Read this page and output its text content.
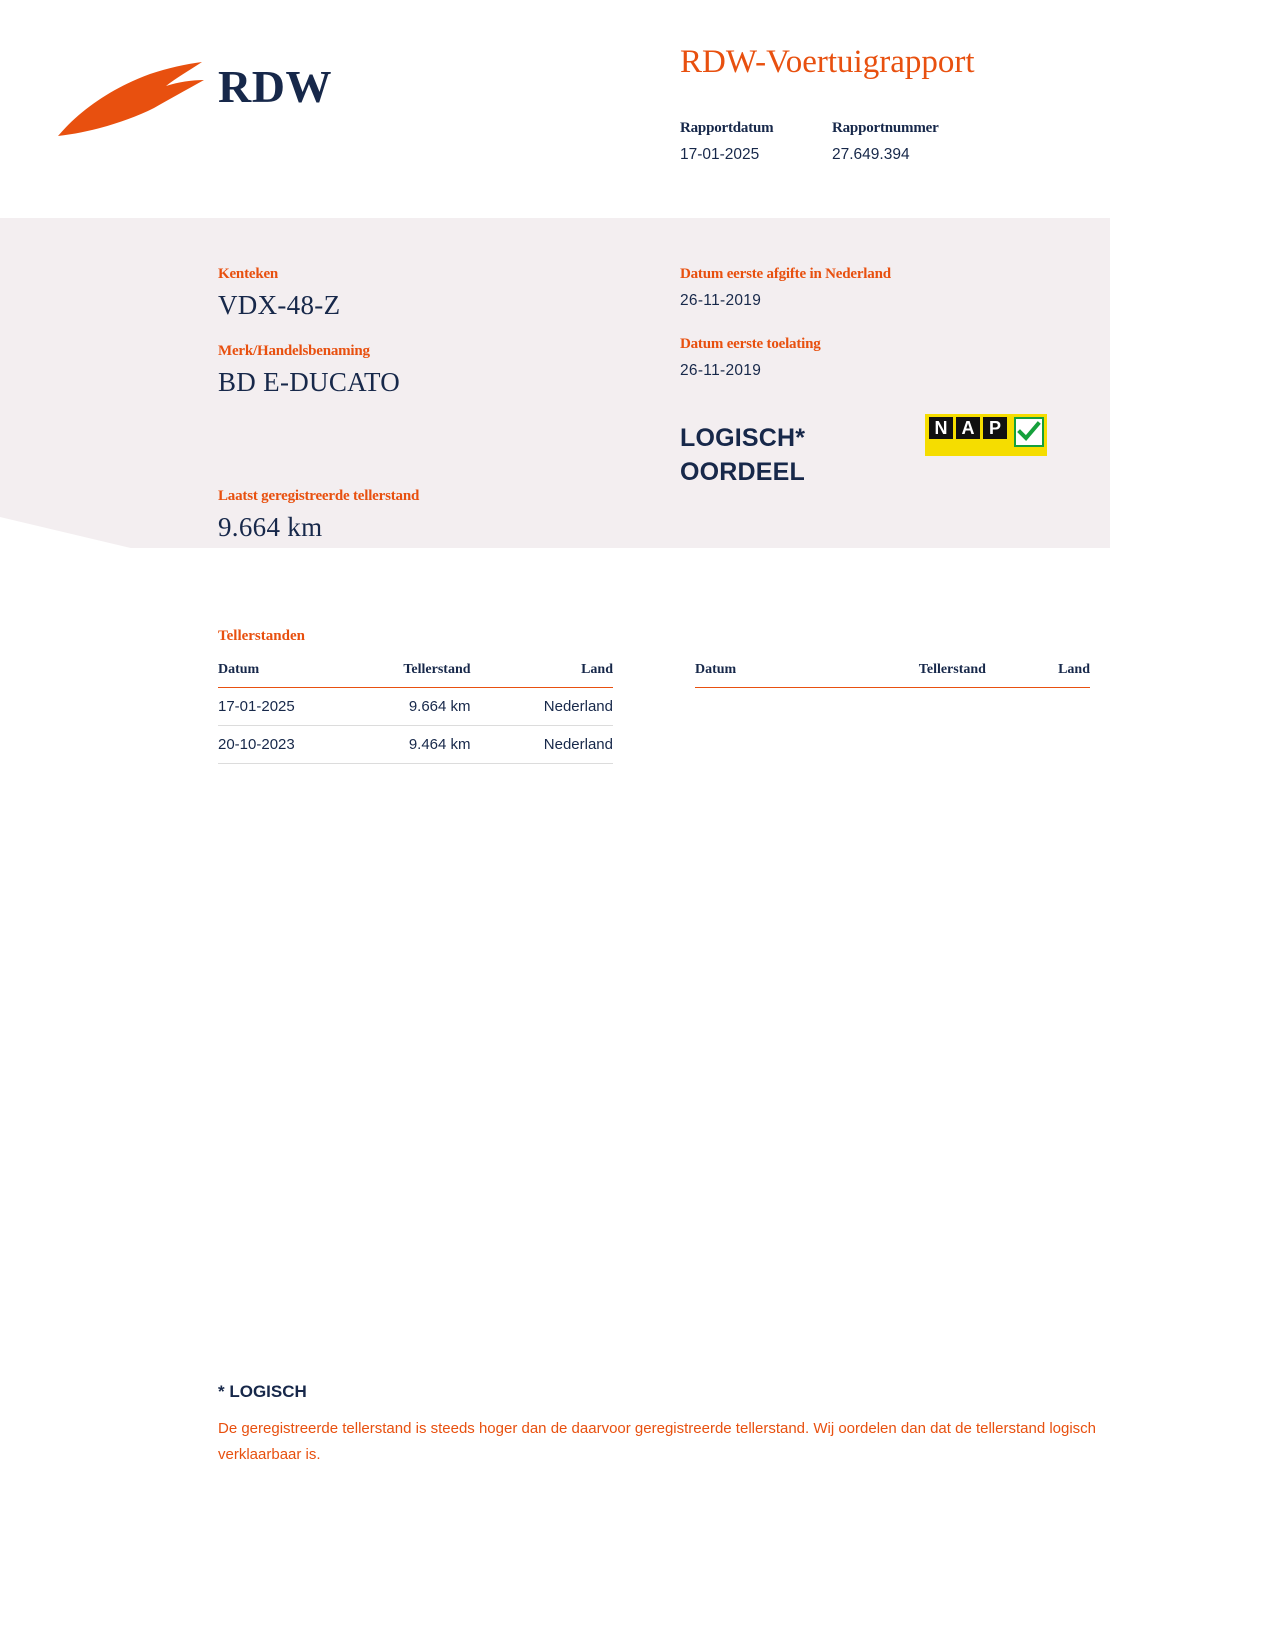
RDW	RDW-Voertuigrapport
Rapportdatum
17-01-2025
Rapportnummer
27.649.394
Kenteken
VDX-48-Z
Merk/Handelsbenaming
BD E-DUCATO
Laatst geregistreerde tellerstand
9.664 km
Datum eerste afgifte in Nederland
26-11-2019
Datum eerste toelating
26-11-2019
LOGISCH*
OORDEEL
N A P
Tellerstanden
Datum	Tellerstand	Land
17-01-2025	9.664 km	Nederland
20-10-2023	9.464 km	Nederland
Datum	Tellerstand	Land
* LOGISCH
De geregistreerde tellerstand is steeds hoger dan de daarvoor geregistreerde tellerstand. Wij oordelen dan dat de tellerstand logisch verklaarbaar is.
